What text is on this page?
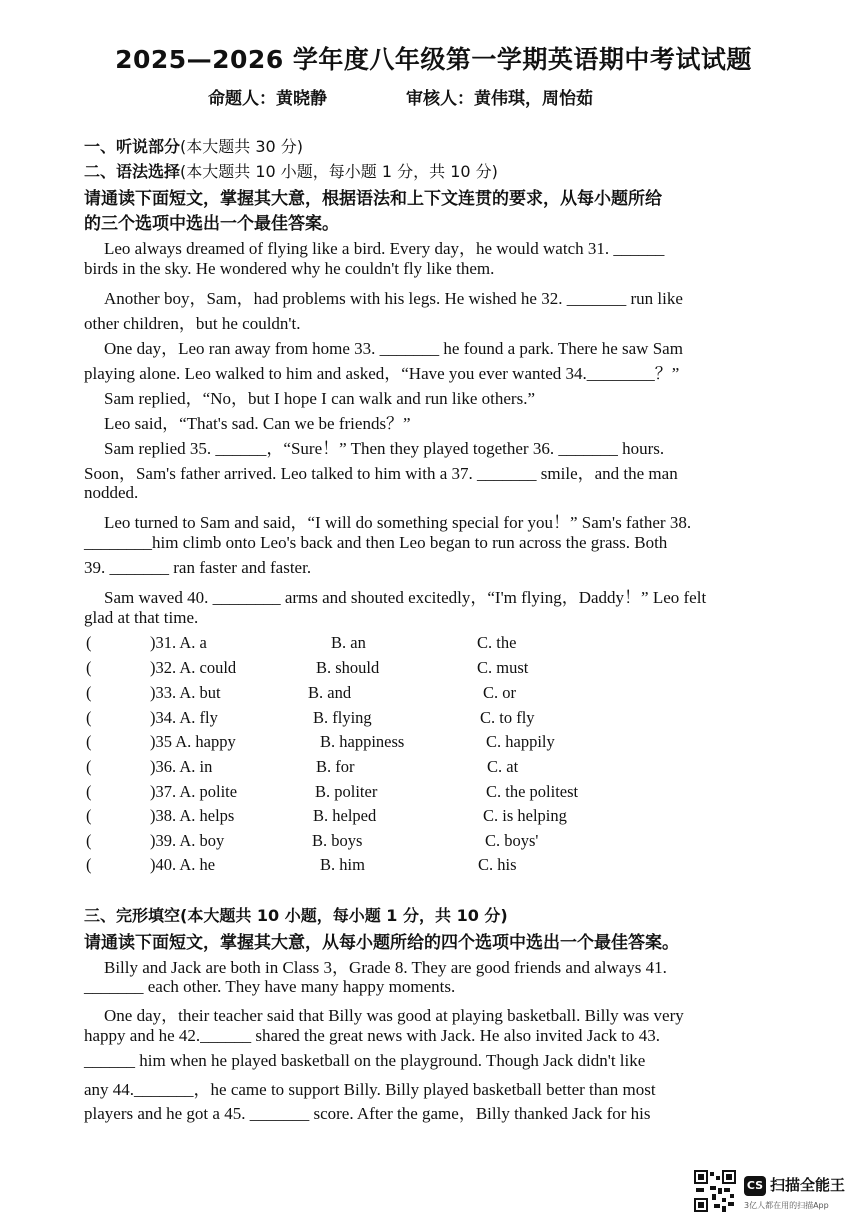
2025—2026 学年度八年级第一学期英语期中考试试题
命题人：黄晓静	审核人：黄伟琪，周怡茹
一、听说部分(本大题共 30 分)
二、语法选择(本大题共 10 小题，每小题 1 分，共 10 分)
请通读下面短文，掌握其大意，根据语法和上下文连贯的要求，从每小题所给
的三个选项中选出一个最佳答案。
Leo always dreamed of flying like a bird. Every day，he would watch 31. ______
birds in the sky. He wondered why he couldn't fly like them.
Another boy，Sam，had problems with his legs. He wished he 32. _______ run like
other children，but he couldn't.
One day，Leo ran away from home 33. _______ he found a park. There he saw Sam
playing alone. Leo walked to him and asked，“Have you ever wanted 34.________？”
Sam replied，“No，but I hope I can walk and run like others.”
Leo said，“That's sad. Can we be friends？”
Sam replied 35. ______，“Sure！” Then they played together 36. _______ hours.
Soon，Sam's father arrived. Leo talked to him with a 37. _______ smile，and the man
nodded.
Leo turned to Sam and said，“I will do something special for you！” Sam's father 38.
________him climb onto Leo's back and then Leo began to run across the grass. Both
39. _______ ran faster and faster.
Sam waved 40. ________ arms and shouted excitedly，“I'm flying，Daddy！” Leo felt
glad at that time.
(	)31. A. a	B. an	C. the
(	)32. A. could	B. should	C. must
(	)33. A. but	B. and	C. or
(	)34. A. fly	B. flying	C. to fly
(	)35 A. happy	B. happiness	C. happily
(	)36. A. in	B. for	C. at
(	)37. A. polite	B. politer	C. the politest
(	)38. A. helps	B. helped	C. is helping
(	)39. A. boy	B. boys	C. boys'
(	)40. A. he	B. him	C. his
三、完形填空(本大题共 10 小题，每小题 1 分，共 10 分)
请通读下面短文，掌握其大意，从每小题所给的四个选项中选出一个最佳答案。
Billy and Jack are both in Class 3，Grade 8. They are good friends and always 41.
_______ each other. They have many happy moments.
One day，their teacher said that Billy was good at playing basketball. Billy was very
happy and he 42.______ shared the great news with Jack. He also invited Jack to 43.
______ him when he played basketball on the playground. Though Jack didn't like
any 44._______，he came to support Billy. Billy played basketball better than most
players and he got a 45. _______ score. After the game，Billy thanked Jack for his
CS 扫描全能王
3亿人都在用的扫描App
